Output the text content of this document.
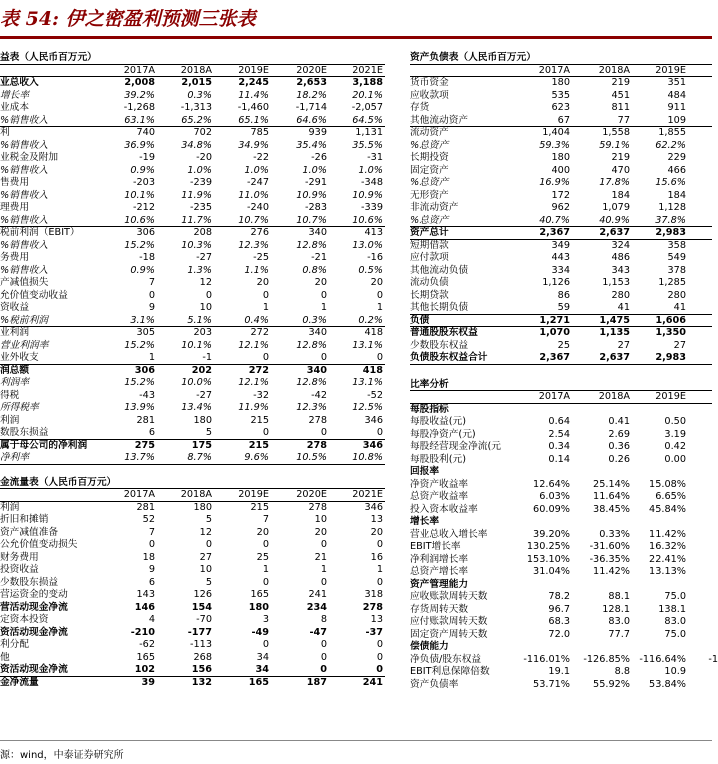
表 54: 伊之密盈利预测三张表
益表（人民币百万元）
2017A	2018A	2019E	2020E	2021E
业总收入	2,008	2,015	2,245	2,653	3,188
增长率	39.2%	0.3%	11.4%	18.2%	20.1%
业成本	-1,268	-1,313	-1,460	-1,714	-2,057
%销售收入	63.1%	65.2%	65.1%	64.6%	64.5%
利	740	702	785	939	1,131
%销售收入	36.9%	34.8%	34.9%	35.4%	35.5%
业税金及附加	-19	-20	-22	-26	-31
%销售收入	0.9%	1.0%	1.0%	1.0%	1.0%
售费用	-203	-239	-247	-291	-348
%销售收入	10.1%	11.9%	11.0%	10.9%	10.9%
理费用	-212	-235	-240	-283	-339
%销售收入	10.6%	11.7%	10.7%	10.7%	10.6%
税前利润（EBIT）	306	208	276	340	413
%销售收入	15.2%	10.3%	12.3%	12.8%	13.0%
务费用	-18	-27	-25	-21	-16
%销售收入	0.9%	1.3%	1.1%	0.8%	0.5%
产减值损失	7	12	20	20	20
允价值变动收益	0	0	0	0	0
资收益	9	10	1	1	1
%税前利润	3.1%	5.1%	0.4%	0.3%	0.2%
业利润	305	203	272	340	418
营业利润率	15.2%	10.1%	12.1%	12.8%	13.1%
业外收支	1	-1	0	0	0
润总额	306	202	272	340	418
利润率	15.2%	10.0%	12.1%	12.8%	13.1%
得税	-43	-27	-32	-42	-52
所得税率	13.9%	13.4%	11.9%	12.3%	12.5%
利润	281	180	215	278	346
数股东损益	6	5	0	0	0
属于母公司的净利润	275	175	215	278	346
净利率	13.7%	8.7%	9.6%	10.5%	10.8%
金流量表（人民币百万元）
2017A	2018A	2019E	2020E	2021E
利润	281	180	215	278	346
折旧和摊销	52	5	7	10	13
资产减值准备	7	12	20	20	20
公允价值变动损失	0	0	0	0	0
财务费用	18	27	25	21	16
投资收益	9	10	1	1	1
少数股东损益	6	5	0	0	0
营运资金的变动	143	126	165	241	318
营活动现金净流	146	154	180	234	278
定资本投资	4	-70	3	8	13
资活动现金净流	-210	-177	-49	-47	-37
利分配	-62	-113	0	0	0
他	165	268	34	0	0
资活动现金净流	102	156	34	0	0
金净流量	39	132	165	187	241
资产负债表（人民币百万元）
2017A	2018A	2019E
货币资金	180	219	351
应收款项	535	451	484
存货	623	811	911
其他流动资产	67	77	109
流动资产	1,404	1,558	1,855
%总资产	59.3%	59.1%	62.2%
长期投资	180	219	229
固定资产	400	470	466
%总资产	16.9%	17.8%	15.6%
无形资产	172	184	184
非流动资产	962	1,079	1,128
%总资产	40.7%	40.9%	37.8%
资产总计	2,367	2,637	2,983
短期借款	349	324	358
应付款项	443	486	549
其他流动负债	334	343	378
流动负债	1,126	1,153	1,285
长期贷款	86	280	280
其他长期负债	59	41	41
负债	1,271	1,475	1,606
普通股股东权益	1,070	1,135	1,350
少数股东权益	25	27	27
负债股东权益合计	2,367	2,637	2,983
比率分析
2017A	2018A	2019E
每股指标
每股收益(元)	0.64	0.41	0.50
每股净资产(元)	2.54	2.69	3.19
每股经营现金净流(元	0.34	0.36	0.42
每股股利(元)	0.14	0.26	0.00
回报率
净资产收益率	12.64% 25.14% 15.08%
总资产收益率	6.03% 11.64%	6.65%
投入资本收益率	60.09% 38.45% 45.84%
增长率
营业总收入增长率	39.20%	0.33% 11.42%
EBIT增长率	130.25% -31.60% 16.32%
净利润增长率	153.10% -36.35% 22.41%
总资产增长率	31.04% 11.42% 13.13%
资产管理能力
应收账款周转天数	78.2	88.1	75.0
存货周转天数	96.7	128.1	138.1
应付账款周转天数	68.3	83.0	83.0
固定资产周转天数	72.0	77.7	75.0
偿债能力
净负债/股东权益	-116.01% -126.85% -116.64% -1
EBIT利息保障倍数	19.1	8.8	10.9
资产负债率	53.71% 55.92% 53.84%
源：wind，中泰证券研究所
